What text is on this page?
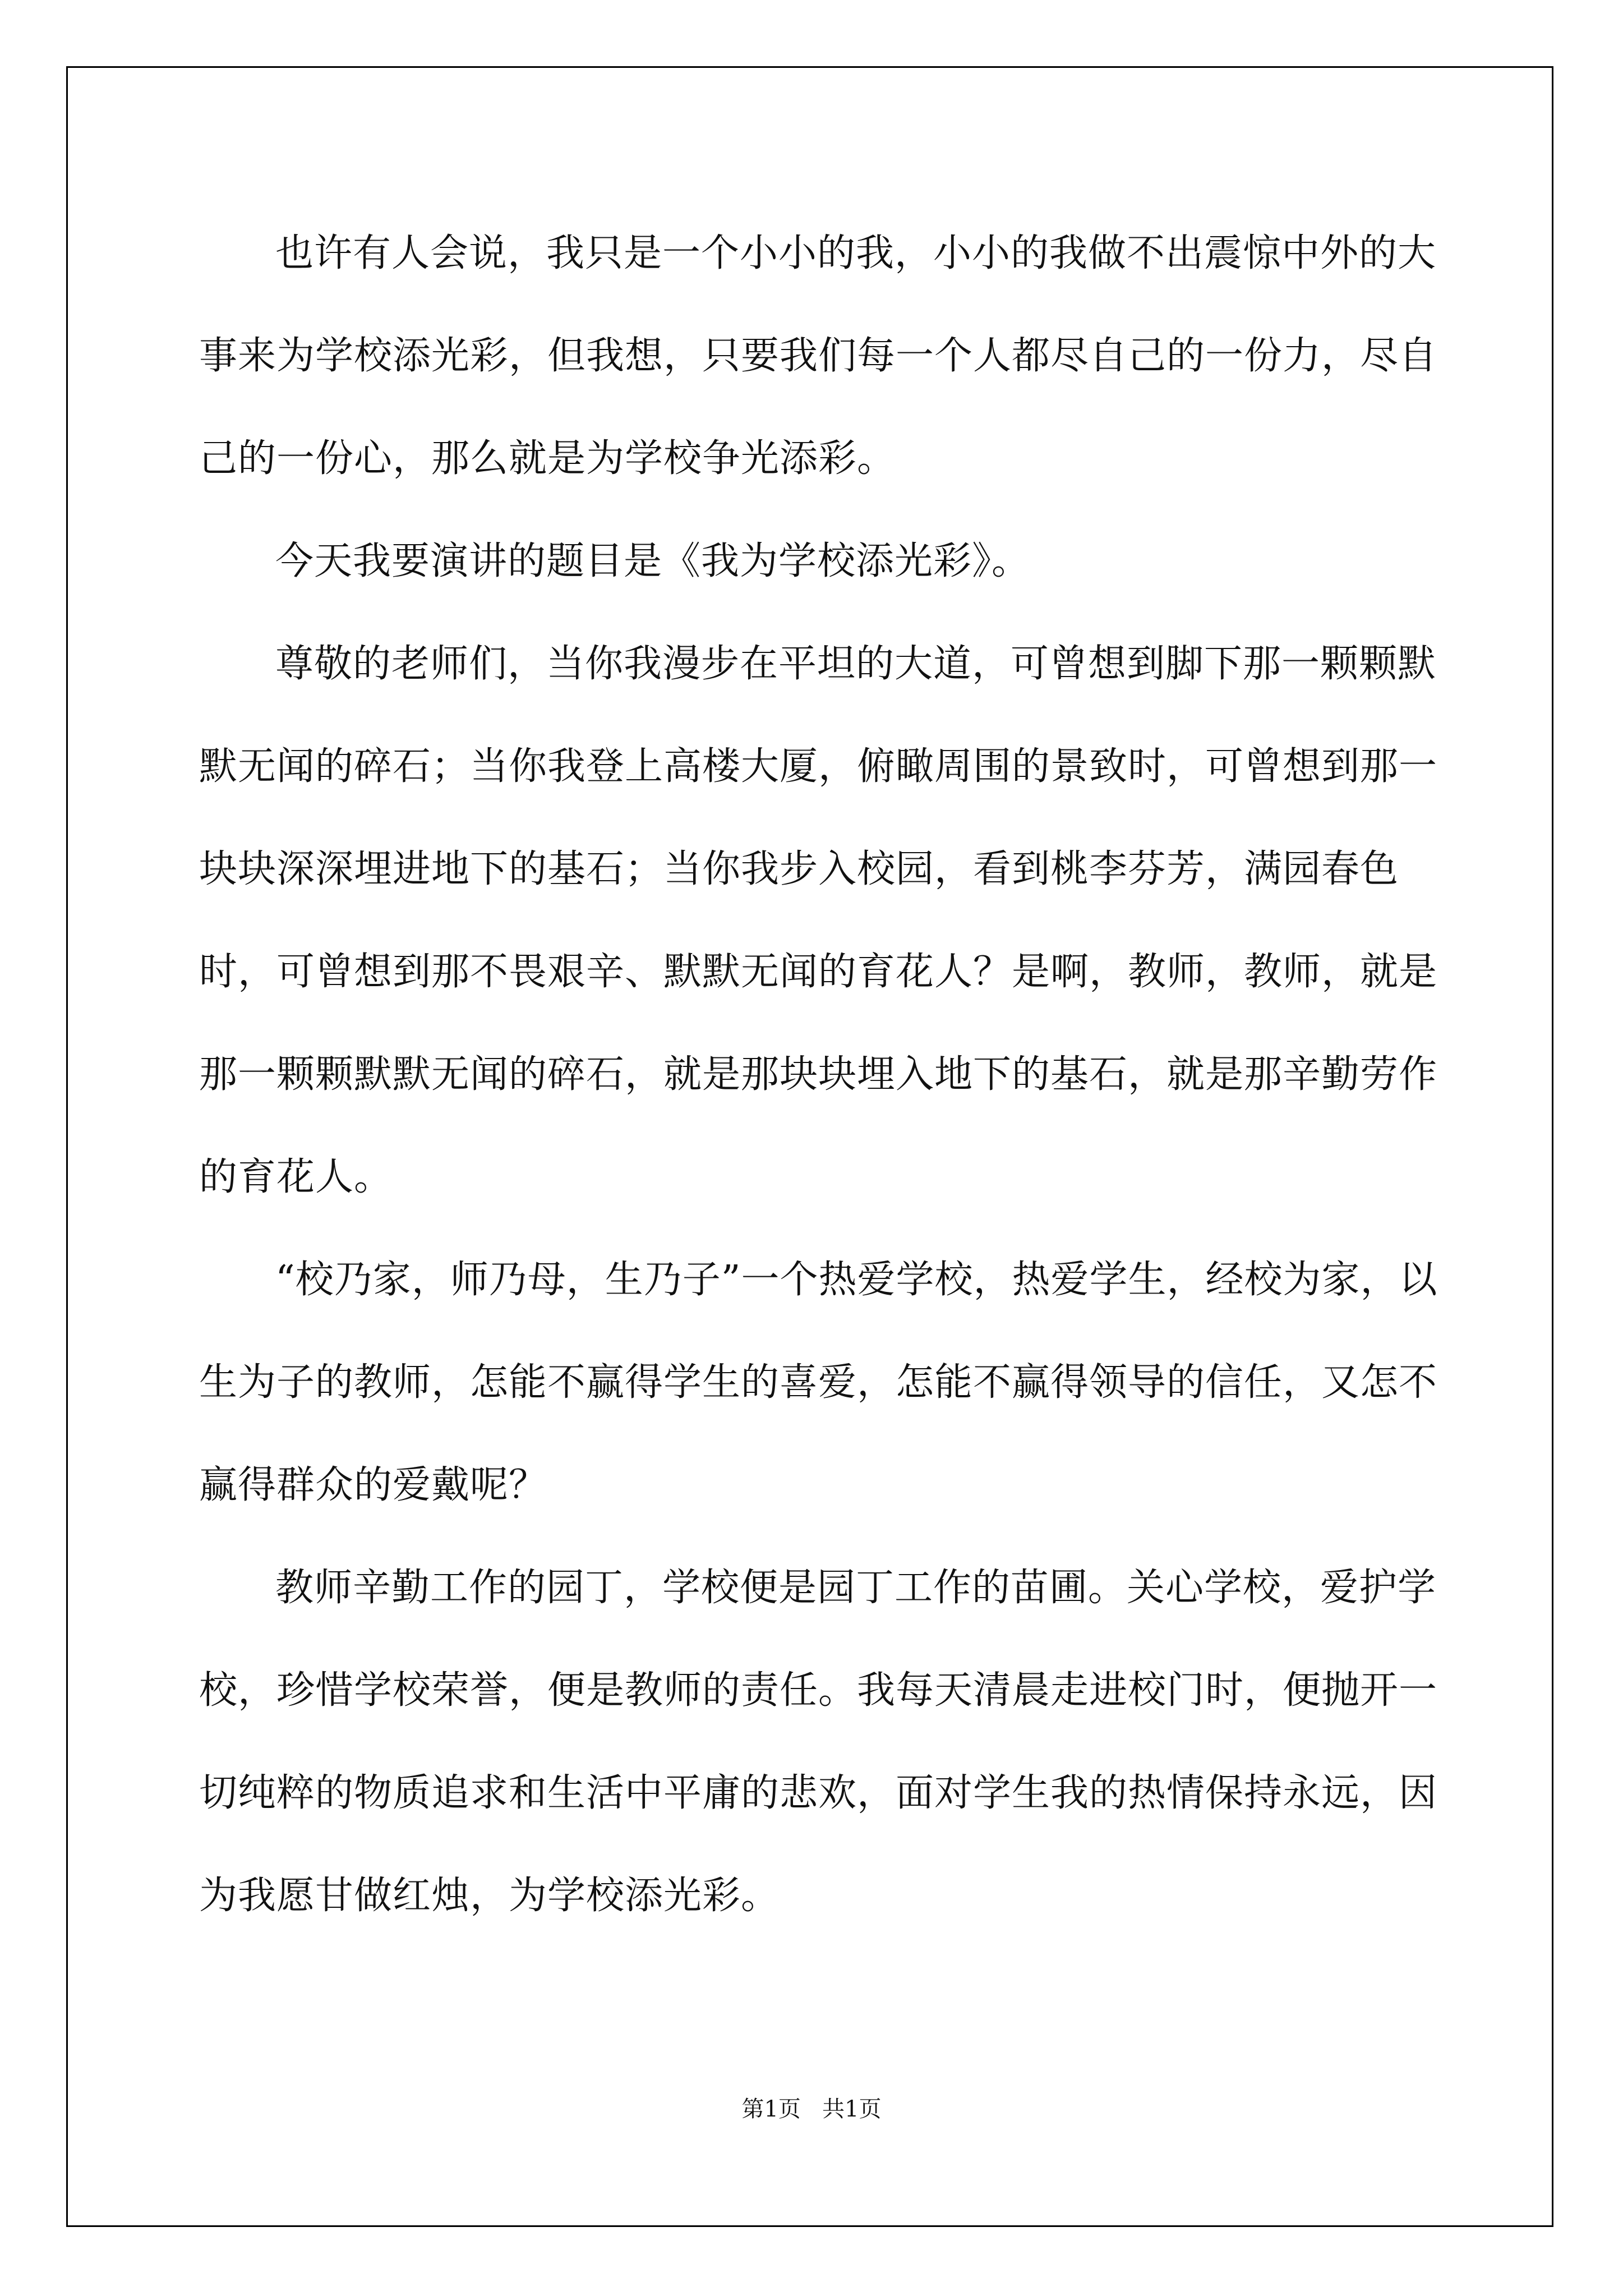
也许有人会说，我只是一个小小的我，小小的我做不出震惊中外的大事来为学校添光彩，但我想，只要我们每一个人都尽自己的一份力，尽自己的一份心，那么就是为学校争光添彩。

今天我要演讲的题目是《我为学校添光彩》。

尊敬的老师们，当你我漫步在平坦的大道，可曾想到脚下那一颗颗默默无闻的碎石；当你我登上高楼大厦，俯瞰周围的景致时，可曾想到那一块块深深埋进地下的基石；当你我步入校园，看到桃李芬芳，满园春色时，可曾想到那不畏艰辛、默默无闻的育花人？是啊，教师，教师，就是那一颗颗默默无闻的碎石，就是那块块埋入地下的基石，就是那辛勤劳作的育花人。

“校乃家，师乃母，生乃子”一个热爱学校，热爱学生，经校为家，以生为子的教师，怎能不赢得学生的喜爱，怎能不赢得领导的信任，又怎不赢得群众的爱戴呢？

教师辛勤工作的园丁，学校便是园丁工作的苗圃。关心学校，爱护学校，珍惜学校荣誉，便是教师的责任。我每天清晨走进校门时，便抛开一切纯粹的物质追求和生活中平庸的悲欢，面对学生我的热情保持永远，因为我愿甘做红烛，为学校添光彩。

第1页   共1页
